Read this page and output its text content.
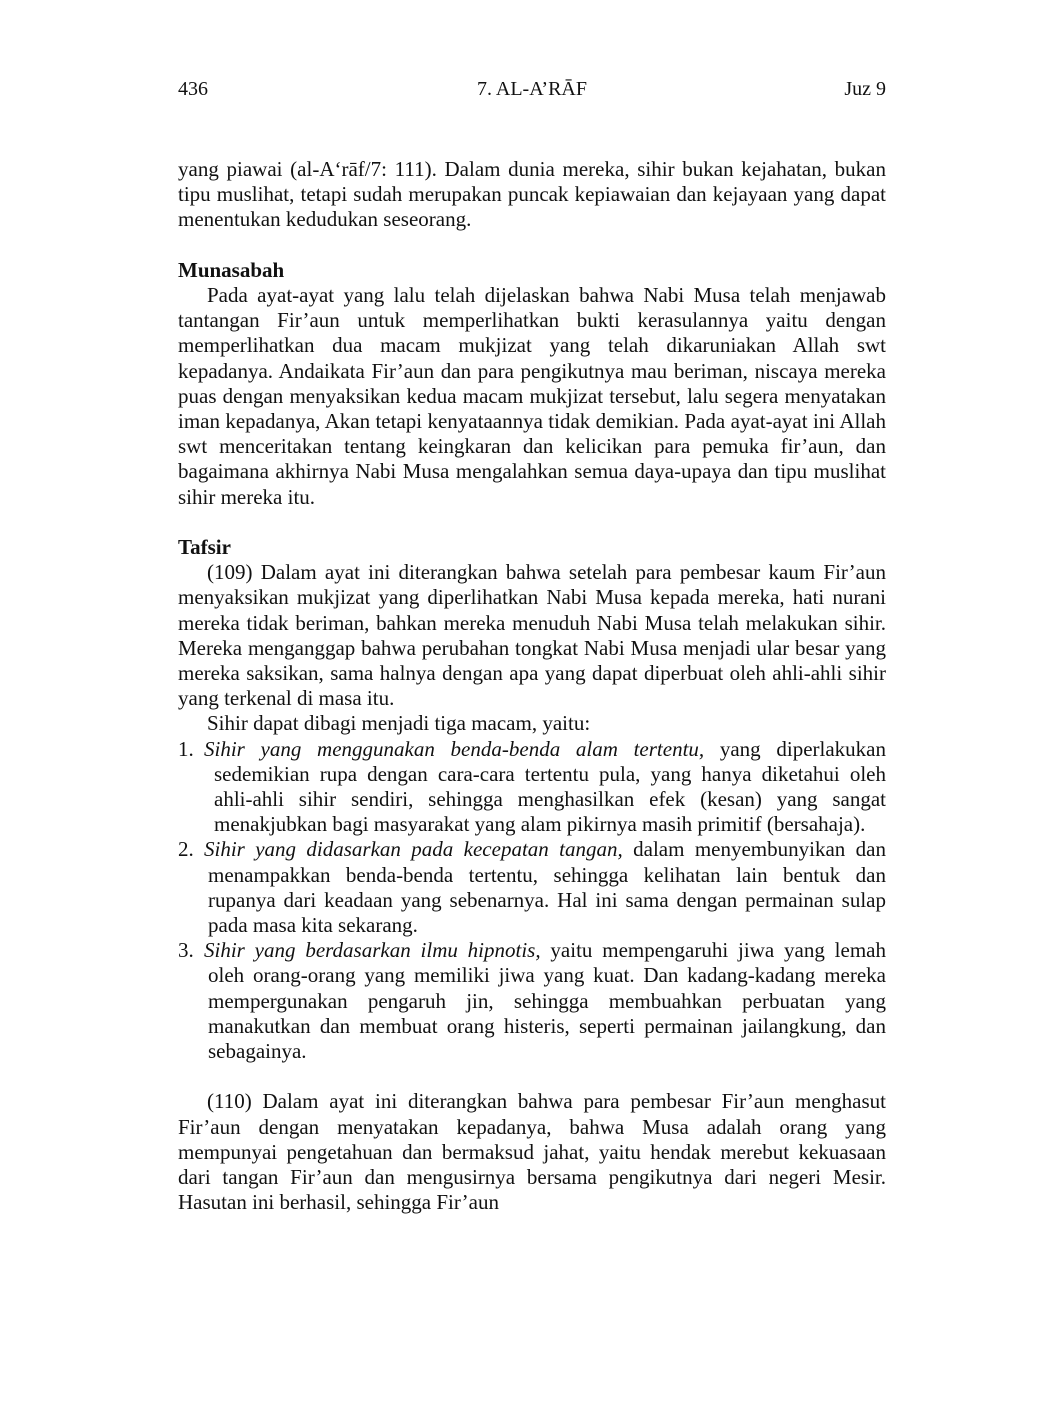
436	7. AL-A’RĀF	Juz 9

yang piawai (al-A‘rāf/7: 111). Dalam dunia mereka, sihir bukan kejahatan, bukan tipu muslihat, tetapi sudah merupakan puncak kepiawaian dan kejayaan yang dapat menentukan kedudukan seseorang.

Munasabah

Pada ayat-ayat yang lalu telah dijelaskan bahwa Nabi Musa telah menjawab tantangan Fir’aun untuk memperlihatkan bukti kerasulannya yaitu dengan memperlihatkan dua macam mukjizat yang telah dikaruniakan Allah swt kepadanya. Andaikata Fir’aun dan para pengikutnya mau beriman, niscaya mereka puas dengan menyaksikan kedua macam mukjizat tersebut, lalu segera menyatakan iman kepadanya, Akan tetapi kenyataannya tidak demikian. Pada ayat-ayat ini Allah swt menceritakan tentang keingkaran dan kelicikan para pemuka fir’aun, dan bagaimana akhirnya Nabi Musa mengalahkan semua daya-upaya dan tipu muslihat sihir mereka itu.

Tafsir

(109) Dalam ayat ini diterangkan bahwa setelah para pembesar kaum Fir’aun menyaksikan mukjizat yang diperlihatkan Nabi Musa kepada mereka, hati nurani mereka tidak beriman, bahkan mereka menuduh Nabi Musa telah melakukan sihir. Mereka menganggap bahwa perubahan tongkat Nabi Musa menjadi ular besar yang mereka saksikan, sama halnya dengan apa yang dapat diperbuat oleh ahli-ahli sihir yang terkenal di masa itu.

Sihir dapat dibagi menjadi tiga macam, yaitu:

1. Sihir yang menggunakan benda-benda alam tertentu, yang diperlakukan sedemikian rupa dengan cara-cara tertentu pula, yang hanya diketahui oleh ahli-ahli sihir sendiri, sehingga menghasilkan efek (kesan) yang sangat menakjubkan bagi masyarakat yang alam pikirnya masih primitif (bersahaja).
2. Sihir yang didasarkan pada kecepatan tangan, dalam menyembunyikan dan menampakkan benda-benda tertentu, sehingga kelihatan lain bentuk dan rupanya dari keadaan yang sebenarnya. Hal ini sama dengan permainan sulap pada masa kita sekarang.
3. Sihir yang berdasarkan ilmu hipnotis, yaitu mempengaruhi jiwa yang lemah oleh orang-orang yang memiliki jiwa yang kuat. Dan kadang-kadang mereka mempergunakan pengaruh jin, sehingga membuahkan perbuatan yang manakutkan dan membuat orang histeris, seperti permainan jailangkung, dan sebagainya.

(110) Dalam ayat ini diterangkan bahwa para pembesar Fir’aun menghasut Fir’aun dengan menyatakan kepadanya, bahwa Musa adalah orang yang mempunyai pengetahuan dan bermaksud jahat, yaitu hendak merebut kekuasaan dari tangan Fir’aun dan mengusirnya bersama pengikutnya dari negeri Mesir. Hasutan ini berhasil, sehingga Fir’aun
